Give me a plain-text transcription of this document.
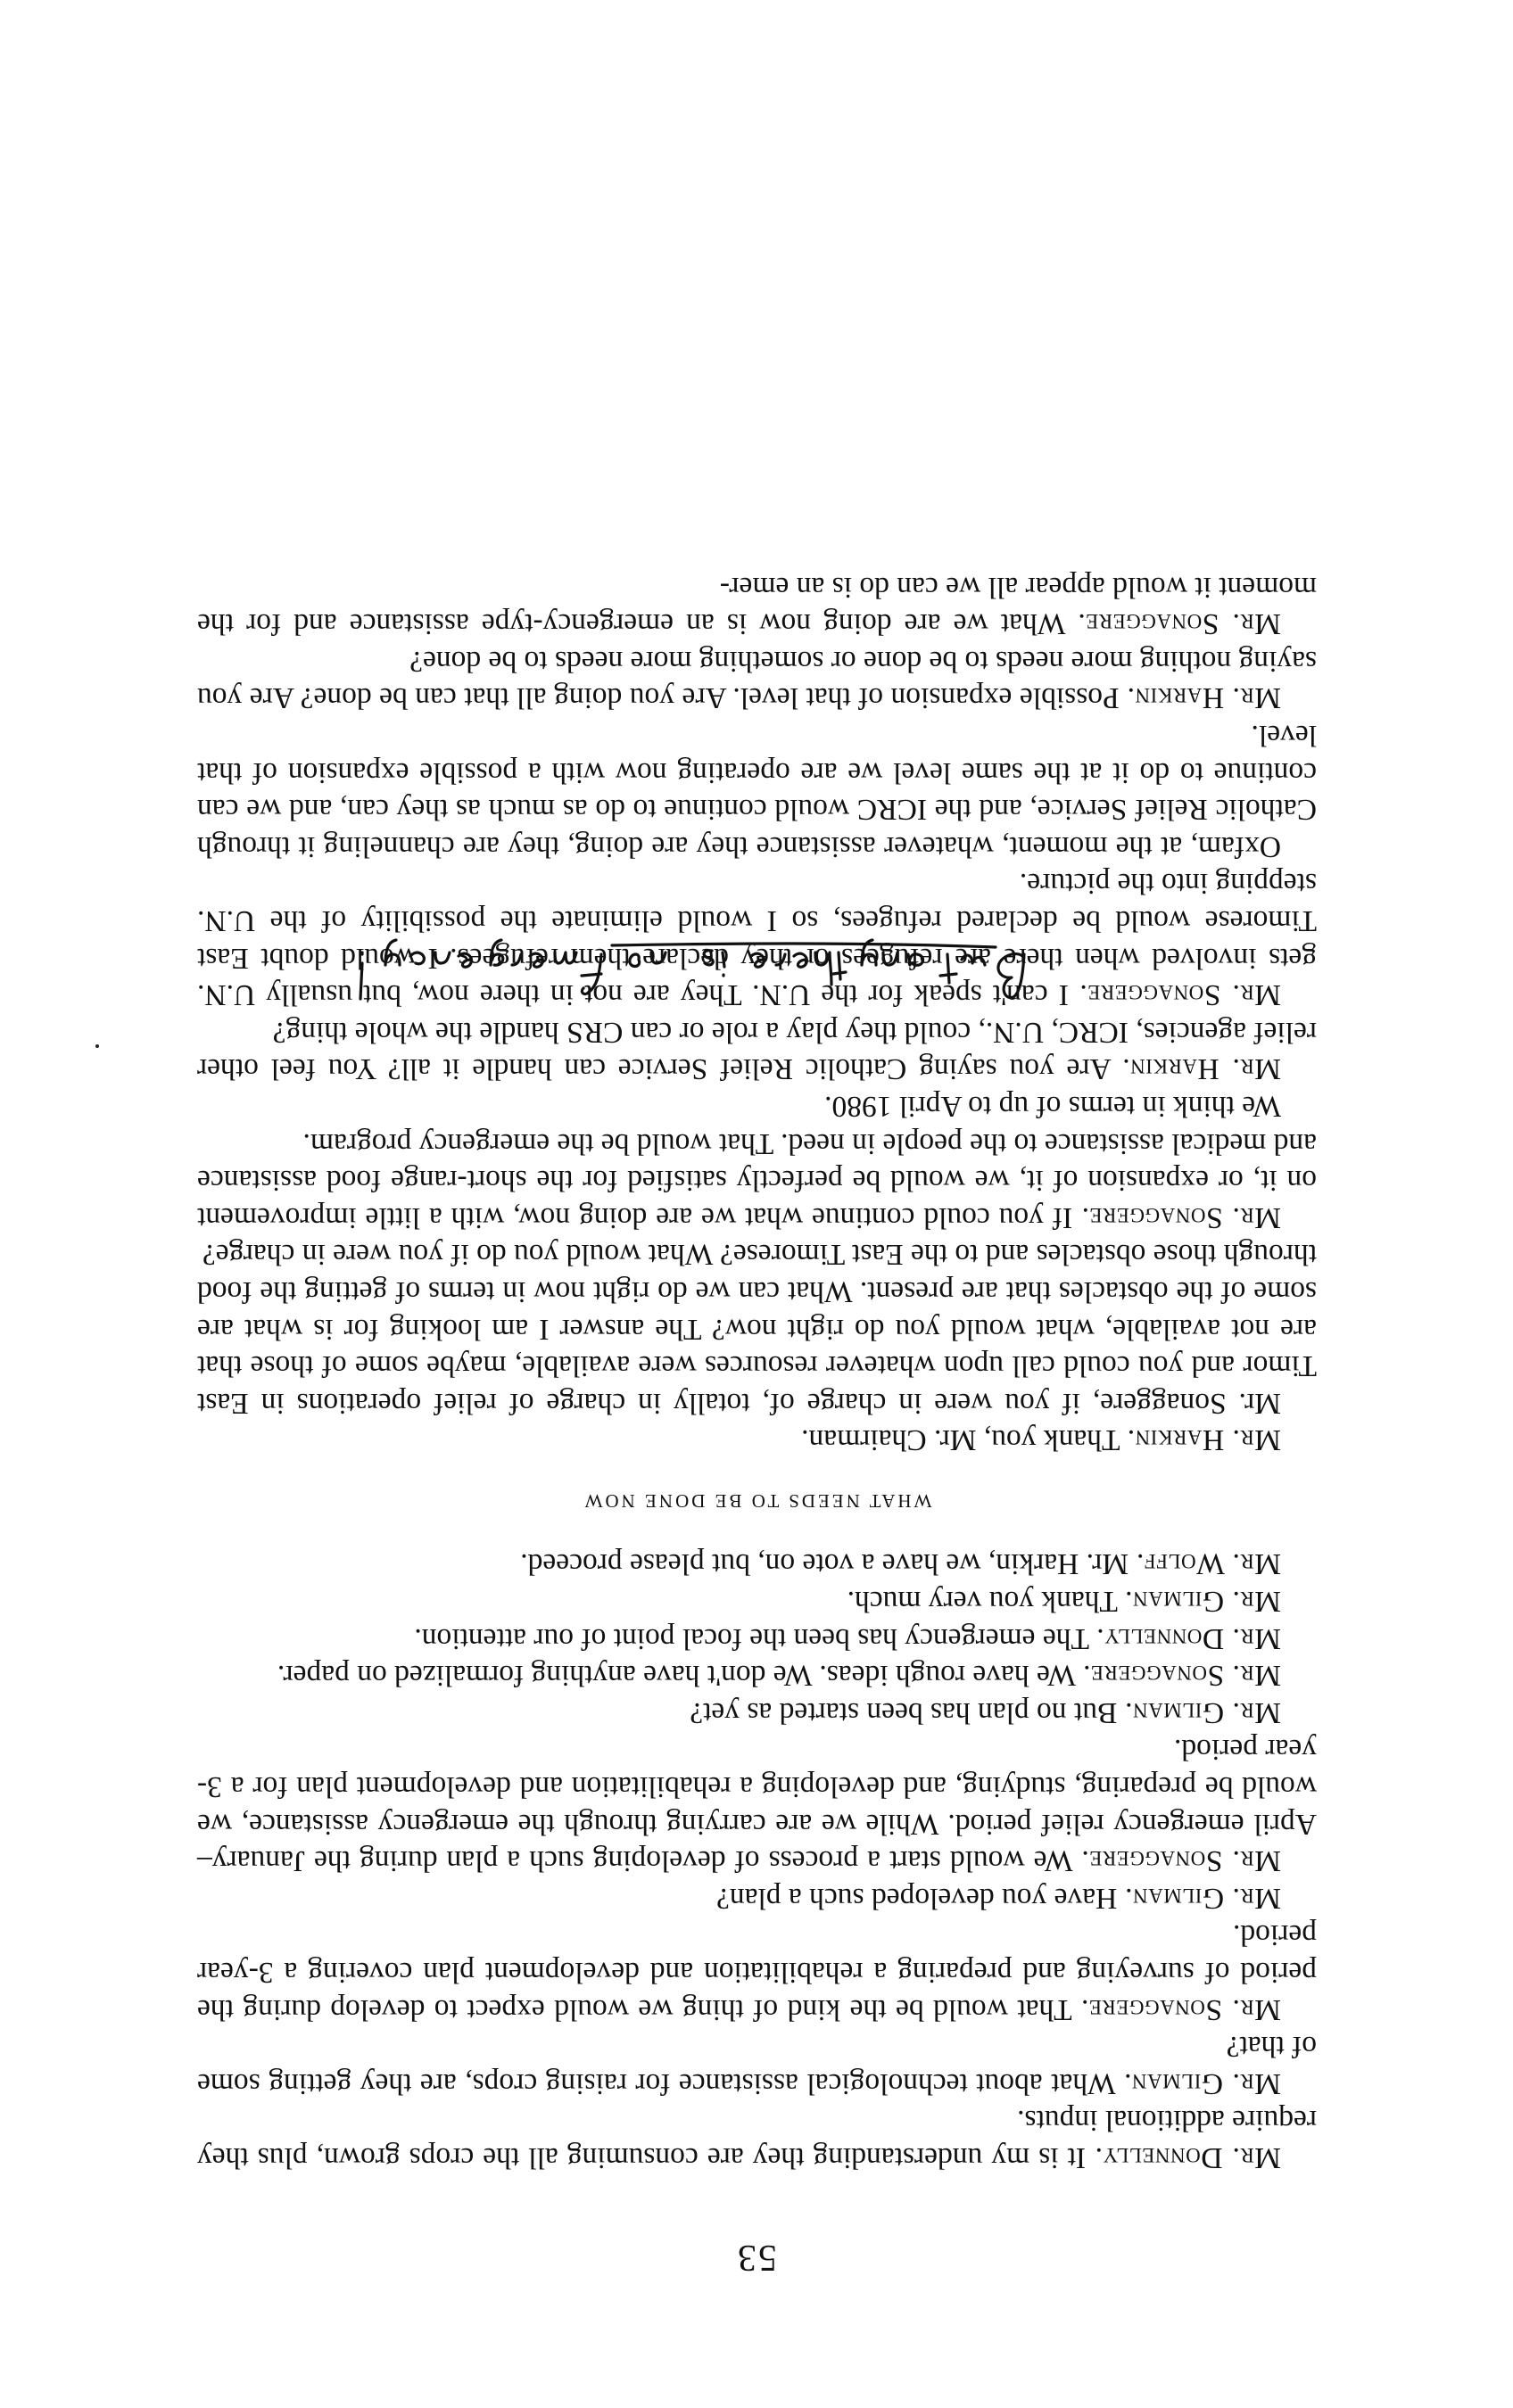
53

Mr. Donnelly. It is my understanding they are consuming all the crops grown, plus they require additional inputs.

Mr. Gilman. What about technological assistance for raising crops, are they getting some of that?

Mr. Sonaggere. That would be the kind of thing we would expect to develop during the period of surveying and preparing a rehabilitation and development plan covering a 3-year period.

Mr. Gilman. Have you developed such a plan?

Mr. Sonaggere. We would start a process of developing such a plan during the January–April emergency relief period. While we are carrying through the emergency assistance, we would be preparing, studying, and developing a rehabilitation and development plan for a 3-year period.

Mr. Gilman. But no plan has been started as yet?

Mr. Sonaggere. We have rough ideas. We don't have anything formalized on paper.

Mr. Donnelly. The emergency has been the focal point of our attention.

Mr. Gilman. Thank you very much.

Mr. Wolff. Mr. Harkin, we have a vote on, but please proceed.

WHAT NEEDS TO BE DONE NOW

Mr. Harkin. Thank you, Mr. Chairman.

Mr. Sonaggere, if you were in charge of, totally in charge of relief operations in East Timor and you could call upon whatever resources were available, maybe some of those that are not available, what would you do right now? The answer I am looking for is what are some of the obstacles that are present. What can we do right now in terms of getting the food through those obstacles and to the East Timorese? What would you do if you were in charge?

Mr. Sonaggere. If you could continue what we are doing now, with a little improvement on it, or expansion of it, we would be perfectly satisfied for the short-range food assistance and medical assistance to the people in need. That would be the emergency program.

We think in terms of up to April 1980.

Mr. Harkin. Are you saying Catholic Relief Service can handle it all? You feel other relief agencies, ICRC, U.N., could they play a role or can CRS handle the whole thing?

Mr. Sonaggere. I can't speak for the U.N. They are not in there now, but usually U.N. gets involved when there are refugees or they declare them refugees. I would doubt East Timorese would be declared refugees, so I would eliminate the possibility of the U.N. stepping into the picture.

Oxfam, at the moment, whatever assistance they are doing, they are channeling it through Catholic Relief Service, and the ICRC would continue to do as much as they can, and we can continue to do it at the same level we are operating now with a possible expansion of that level.

Mr. Harkin. Possible expansion of that level. Are you doing all that can be done? Are you saying nothing more needs to be done or something more needs to be done?

Mr. Sonaggere. What we are doing now is an emergency-type assistance and for the moment it would appear all we can do is an emer-
